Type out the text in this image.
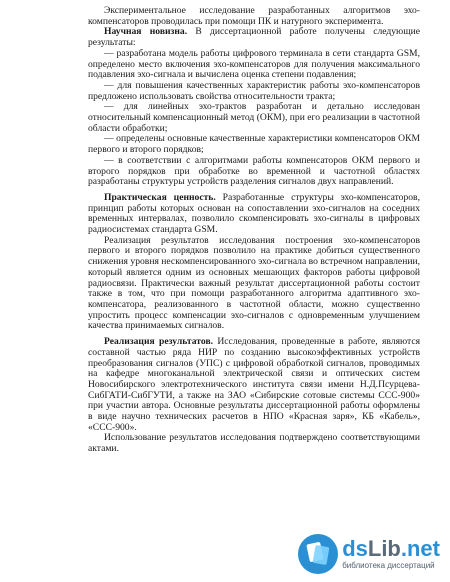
Экспериментальное исследование разработанных алгоритмов эхо-компенсаторов проводилась при помощи ПК и натурного эксперимента.

Научная новизна. В диссертационной работе получены следующие результаты:

— разработана модель работы цифрового терминала в сети стандарта GSM, определено место включения эхо-компенсаторов для получения максимального подавления эхо-сигнала и вычислена оценка степени подавления;

— для повышения качественных характеристик работы эхо-компенсаторов предложено использовать свойства относительности тракта;

— для линейных эхо-трактов разработан и детально исследован относительный компенсационный метод (ОКМ), при его реализации в частотной области обработки;

— определены основные качественные характеристики компенсаторов ОКМ первого и второго порядков;

— в соответствии с алгоритмами работы компенсаторов ОКМ первого и второго порядков при обработке во временной и частотной областях разработаны структуры устройств разделения сигналов двух направлений.

Практическая ценность. Разработанные структуры эхо-компенсаторов, принцип работы которых основан на сопоставлении эхо-сигналов на соседних временных интервалах, позволило скомпенсировать эхо-сигналы в цифровых радиосистемах стандарта GSM.

Реализация результатов исследования построения эхо-компенсаторов первого и второго порядков позволило на практике добиться существенного снижения уровня нескомпенсированного эхо-сигнала во встречном направлении, который является одним из основных мешающих факторов работы цифровой радиосвязи. Практически важный результат диссертационной работы состоит также в том, что при помощи разработанного алгоритма адаптивного эхо-компенсатора, реализованного в частотной области, можно существенно упростить процесс компенсации эхо-сигналов с одновременным улучшением качества принимаемых сигналов.

Реализация результатов. Исследования, проведенные в работе, являются составной частью ряда НИР по созданию высокоэффективных устройств преобразования сигналов (УПС) с цифровой обработкой сигналов, проводимых на кафедре многоканальной электрической связи и оптических систем Новосибирского электротехнического института связи имени Н.Д.Псурцева-СибГАТИ-СибГУТИ, а также на ЗАО «Сибирские сотовые системы ССС-900» при участии автора. Основные результаты диссертационной работы оформлены в виде научно технических расчетов в НПО «Красная заря», КБ «Кабель», «ССС-900».

Использование результатов исследования подтверждено соответствующими актами.

dsLib.net
библиотека диссертаций
